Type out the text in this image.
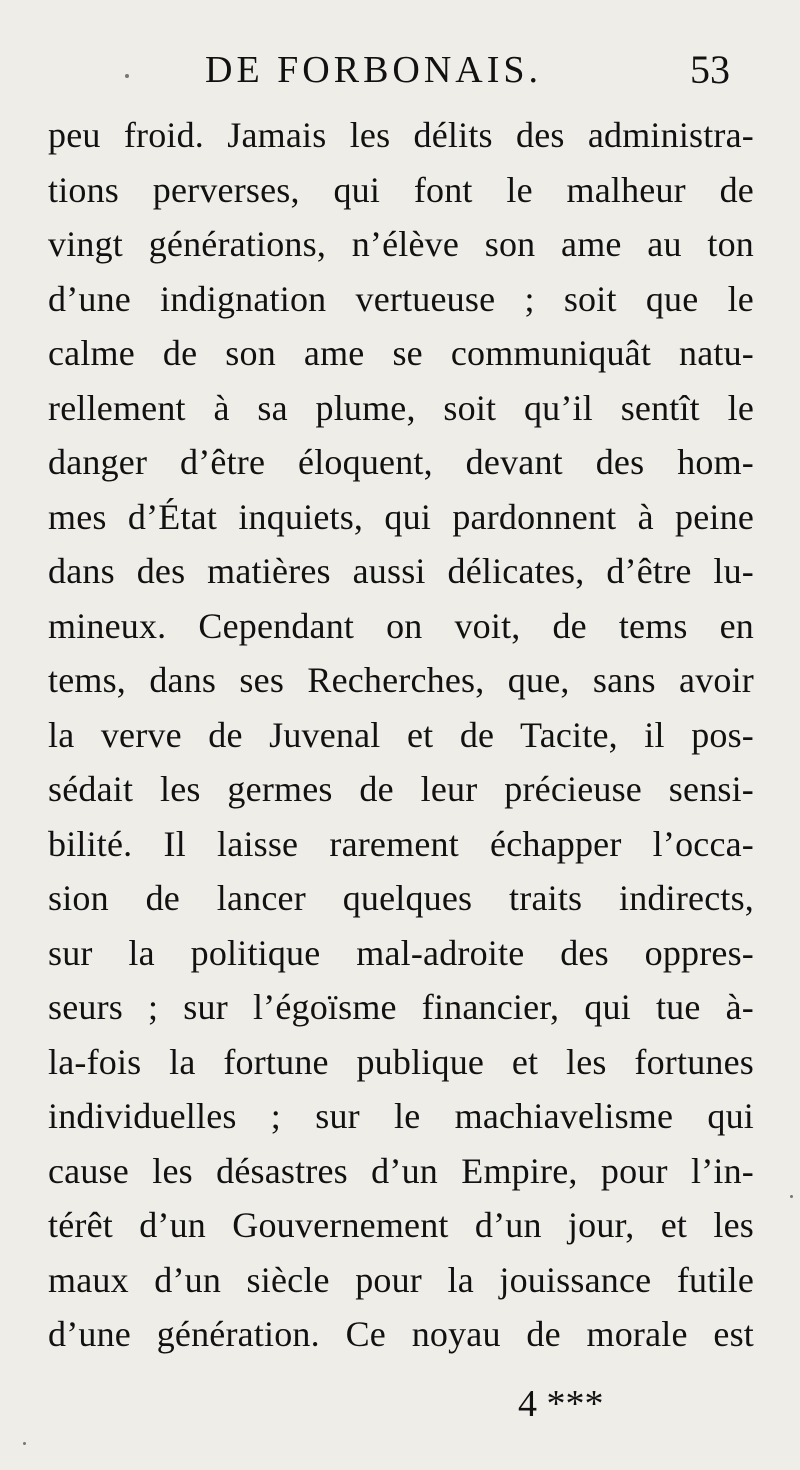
DE FORBONAIS.	53
peu froid. Jamais les délits des administra-
tions perverses, qui font le malheur de
vingt générations, n’élève son ame au ton
d’une indignation vertueuse ; soit que le
calme de son ame se communiquât natu-
rellement à sa plume, soit qu’il sentît le
danger d’être éloquent, devant des hom-
mes d’État inquiets, qui pardonnent à peine
dans des matières aussi délicates, d’être lu-
mineux. Cependant on voit, de tems en
tems, dans ses Recherches, que, sans avoir
la verve de Juvenal et de Tacite, il pos-
sédait les germes de leur précieuse sensi-
bilité. Il laisse rarement échapper l’occa-
sion de lancer quelques traits indirects,
sur la politique mal-adroite des oppres-
seurs ; sur l’égoïsme financier, qui tue à-
la-fois la fortune publique et les fortunes
individuelles ; sur le machiavelisme qui
cause les désastres d’un Empire, pour l’in-
térêt d’un Gouvernement d’un jour, et les
maux d’un siècle pour la jouissance futile
d’une génération. Ce noyau de morale est
4 ***
